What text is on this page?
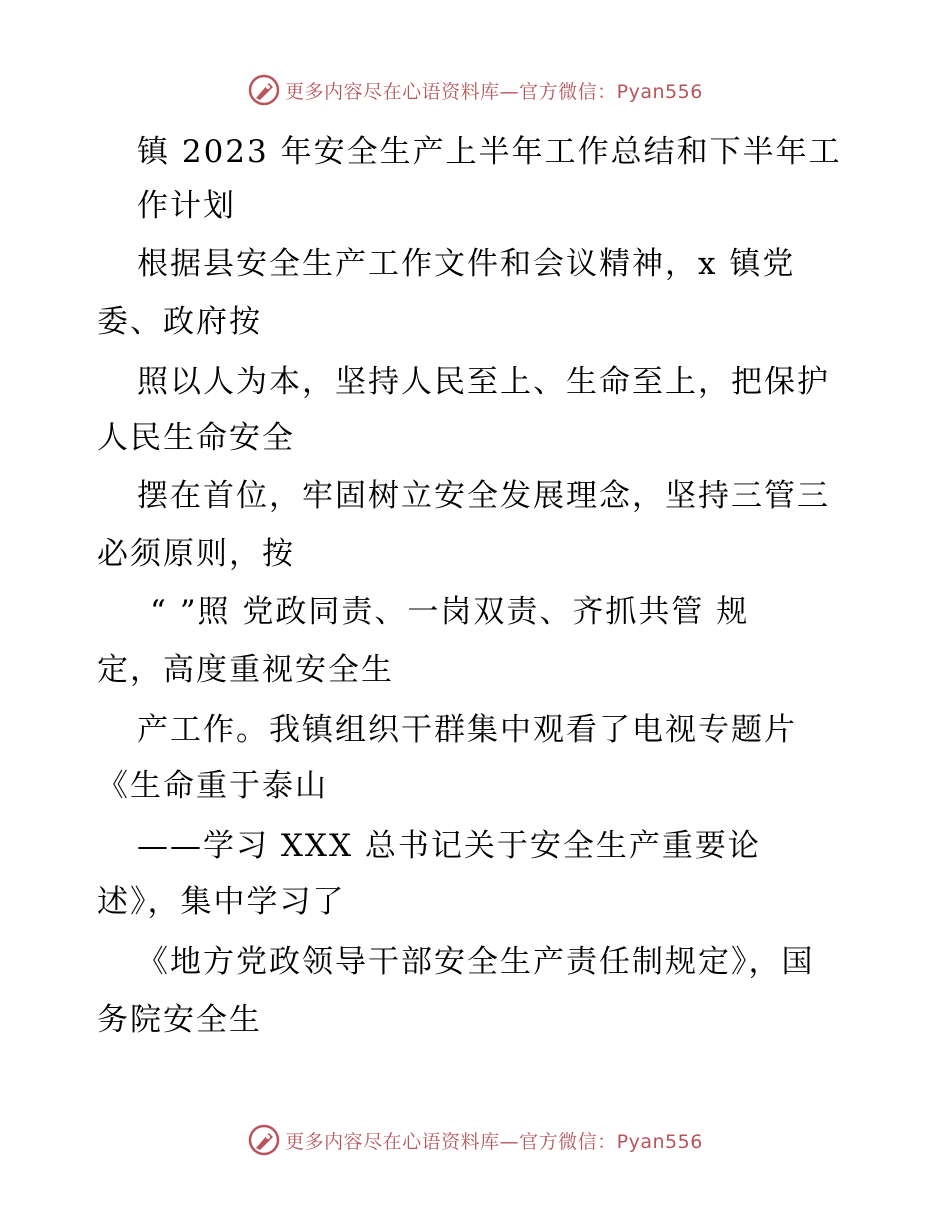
更多内容尽在心语资料库—官方微信：Pyan556
镇 2023 年安全生产上半年工作总结和下半年工
作计划
根据县安全生产工作文件和会议精神，x 镇党
委、政府按
照以人为本，坚持人民至上、生命至上，把保护
人民生命安全
摆在首位，牢固树立安全发展理念，坚持三管三
必须原则，按
“ ”照 党政同责、一岗双责、齐抓共管 规
定，高度重视安全生
产工作。我镇组织干群集中观看了电视专题片
《生命重于泰山
——学习 XXX 总书记关于安全生产重要论
述》，集中学习了
《地方党政领导干部安全生产责任制规定》，国
务院安全生
更多内容尽在心语资料库—官方微信：Pyan556
